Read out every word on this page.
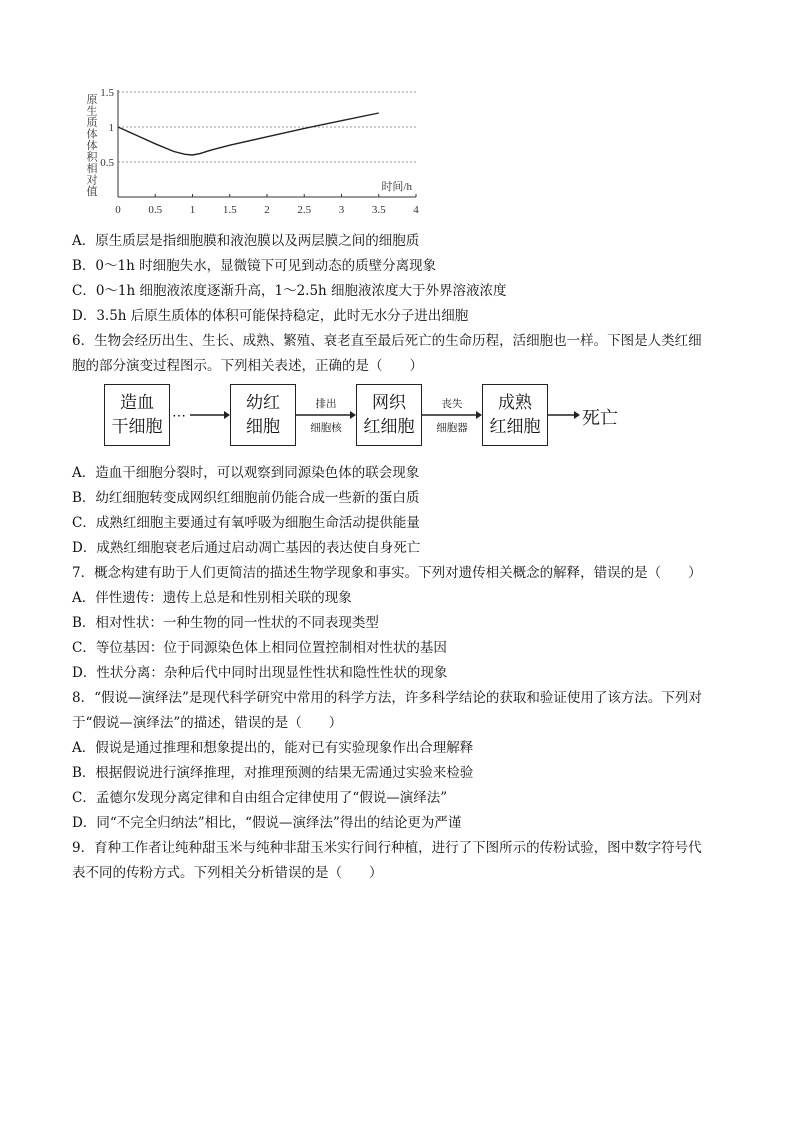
0	0.5	1	1.5	2	2.5	3	3.5	4
0.5
1
1.5
时间/h
原
生
质
体
体
积
相
对
值
A．原生质层是指细胞膜和液泡膜以及两层膜之间的细胞质
B．0～1h 时细胞失水，显微镜下可见到动态的质壁分离现象
C．0～1h 细胞液浓度逐渐升高，1～2.5h 细胞液浓度大于外界溶液浓度
D．3.5h 后原生质体的体积可能保持稳定，此时无水分子进出细胞
6．生物会经历出生、生长、成熟、繁殖、衰老直至最后死亡的生命历程，活细胞也一样。下图是人类红细
胞的部分演变过程图示。下列相关表述，正确的是（　　）
造血
干细胞
⋯
幼红
细胞
排出
细胞核
网织
红细胞
丧失
细胞器
成熟
红细胞 死亡
A．造血干细胞分裂时，可以观察到同源染色体的联会现象
B．幼红细胞转变成网织红细胞前仍能合成一些新的蛋白质
C．成熟红细胞主要通过有氧呼吸为细胞生命活动提供能量
D．成熟红细胞衰老后通过启动凋亡基因的表达使自身死亡
7．概念构建有助于人们更简洁的描述生物学现象和事实。下列对遗传相关概念的解释，错误的是（　　）
A．伴性遗传：遗传上总是和性别相关联的现象
B．相对性状：一种生物的同一性状的不同表现类型
C．等位基因：位于同源染色体上相同位置控制相对性状的基因
D．性状分离：杂种后代中同时出现显性性状和隐性性状的现象
8．“假说—演绎法”是现代科学研究中常用的科学方法，许多科学结论的获取和验证使用了该方法。下列对
于“假说—演绎法”的描述，错误的是（　　）
A．假说是通过推理和想象提出的，能对已有实验现象作出合理解释
B．根据假说进行演绎推理，对推理预测的结果无需通过实验来检验
C．孟德尔发现分离定律和自由组合定律使用了“假说—演绎法”
D．同“不完全归纳法”相比，“假说—演绎法”得出的结论更为严谨
9．育种工作者让纯种甜玉米与纯种非甜玉米实行间行种植，进行了下图所示的传粉试验，图中数字符号代
表不同的传粉方式。下列相关分析错误的是（　　）
